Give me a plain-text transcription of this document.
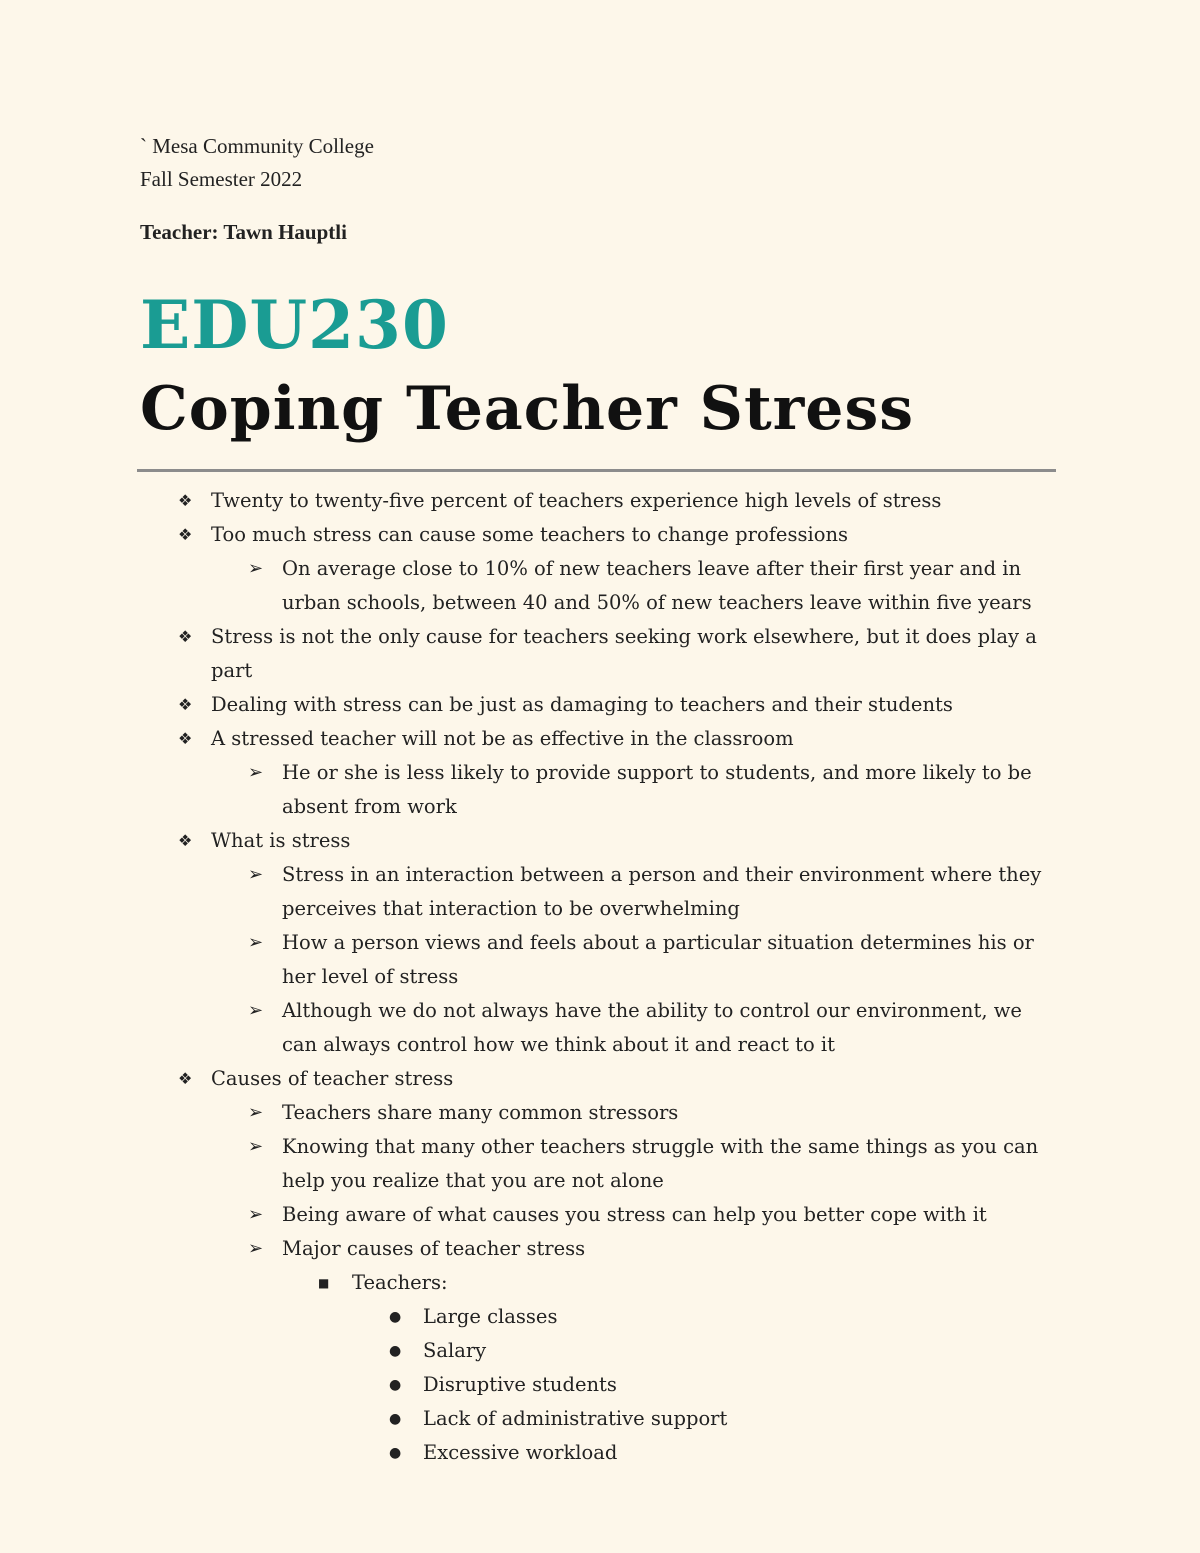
` Mesa Community College
Fall Semester 2022
Teacher: Tawn Hauptli
EDU230
Coping Teacher Stress
❖ Twenty to twenty-five percent of teachers experience high levels of stress
❖ Too much stress can cause some teachers to change professions
➢ On average close to 10% of new teachers leave after their first year and in urban schools, between 40 and 50% of new teachers leave within five years
❖ Stress is not the only cause for teachers seeking work elsewhere, but it does play a part
❖ Dealing with stress can be just as damaging to teachers and their students
❖ A stressed teacher will not be as effective in the classroom
➢ He or she is less likely to provide support to students, and more likely to be absent from work
❖ What is stress
➢ Stress in an interaction between a person and their environment where they perceives that interaction to be overwhelming
➢ How a person views and feels about a particular situation determines his or her level of stress
➢ Although we do not always have the ability to control our environment, we can always control how we think about it and react to it
❖ Causes of teacher stress
➢ Teachers share many common stressors
➢ Knowing that many other teachers struggle with the same things as you can help you realize that you are not alone
➢ Being aware of what causes you stress can help you better cope with it
➢ Major causes of teacher stress
■ Teachers:
● Large classes
● Salary
● Disruptive students
● Lack of administrative support
● Excessive workload
